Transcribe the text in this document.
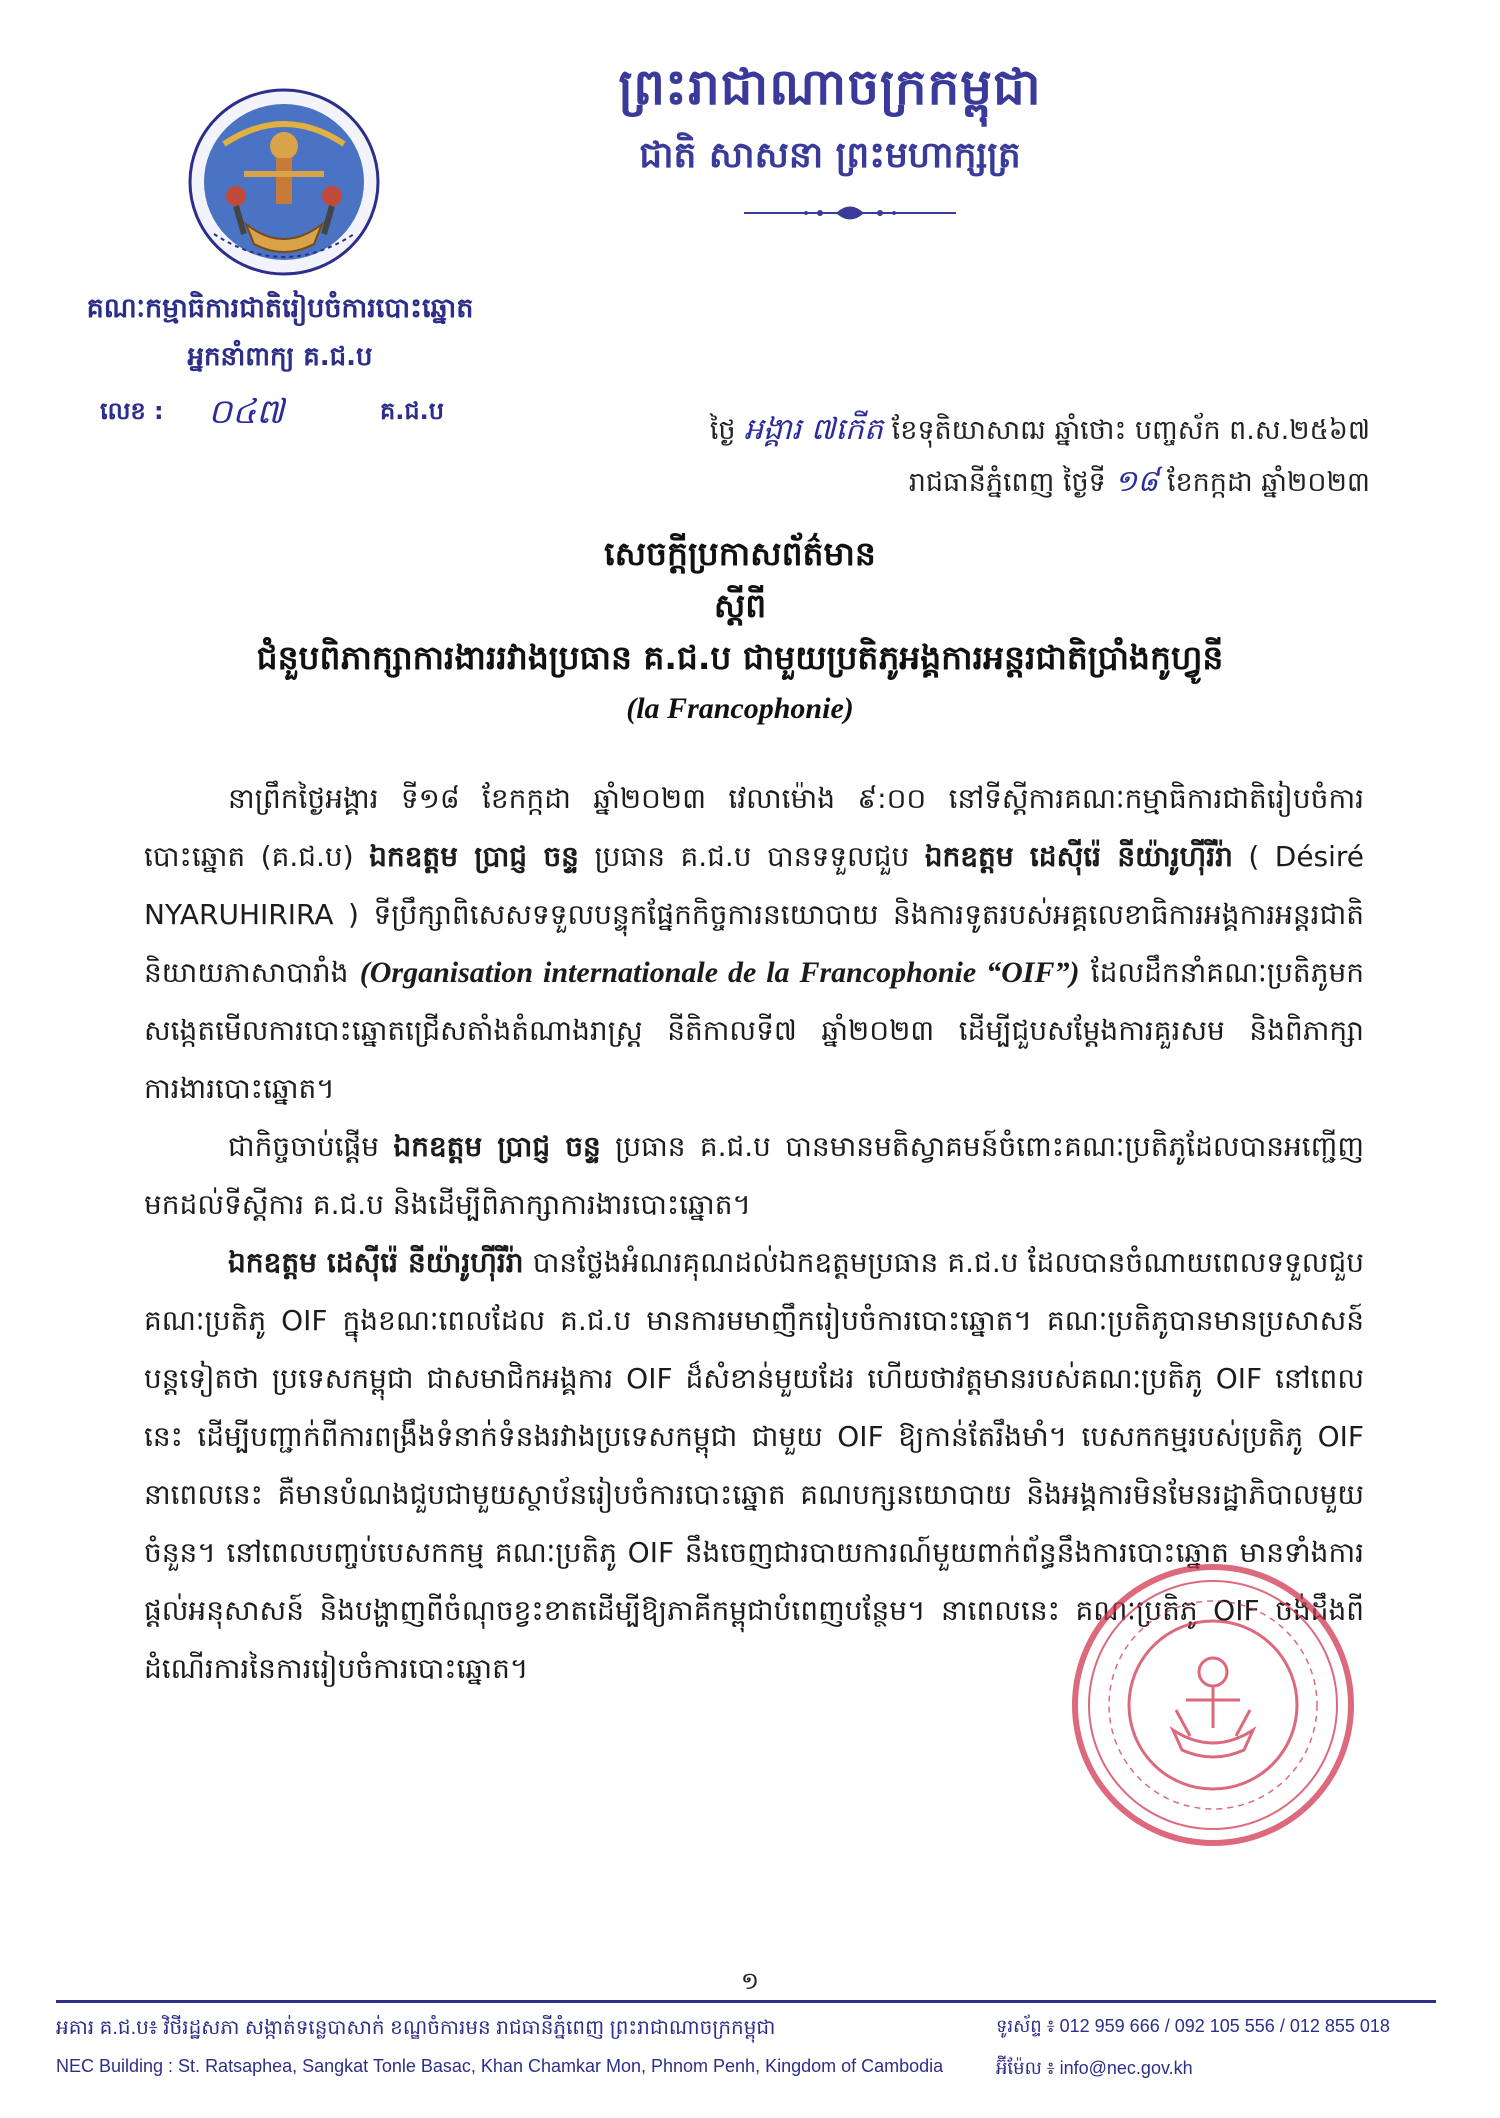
គណៈកម្មាធិការជាតិរៀបចំការបោះឆ្នោត
អ្នកនាំពាក្យ គ.ជ.ប
លេខ : ០៤៧	គ.ជ.ប
ព្រះរាជាណាចក្រកម្ពុជា
ជាតិ សាសនា ព្រះមហាក្សត្រ
ថ្ងៃ អង្គារ ៧កើត ខែទុតិយាសាឍ ឆ្នាំថោះ បញ្ចស័ក ព.ស.២៥៦៧
រាជធានីភ្នំពេញ ថ្ងៃទី ១៨ ខែកក្កដា ឆ្នាំ២០២៣
សេចក្តីប្រកាសព័ត៌មាន
ស្តីពី
ជំនួបពិភាក្សាការងាររវាងប្រធាន គ.ជ.ប ជាមួយប្រតិភូអង្គការអន្តរជាតិប្រាំងកូហ្វូនី
(la Francophonie)

នាព្រឹកថ្ងៃអង្គារ ទី១៨ ខែកក្កដា ឆ្នាំ២០២៣ វេលាម៉ោង ៩:០០ នៅទីស្តីការគណៈកម្មាធិការជាតិរៀបចំការបោះឆ្នោត (គ.ជ.ប) ឯកឧត្តម ប្រាជ្ញ ចន្ទ ប្រធាន គ.ជ.ប បានទទួលជួប ឯកឧត្តម ដេស៊ីរ៉េ នីយ៉ារូហ៊ីរីរ៉ា ( Désiré NYARUHIRIRA ) ទីប្រឹក្សាពិសេសទទួលបន្ទុកផ្នែកកិច្ចការនយោបាយ និងការទូតរបស់អគ្គលេខាធិការអង្គការអន្តរជាតិនិយាយភាសាបារាំង (Organisation internationale de la Francophonie “OIF”) ដែលដឹកនាំគណៈប្រតិភូមកសង្កេតមើលការបោះឆ្នោតជ្រើសតាំងតំណាងរាស្ត្រ នីតិកាលទី៧ ឆ្នាំ២០២៣ ដើម្បីជួបសម្តែងការគួរសម និងពិភាក្សាការងារបោះឆ្នោត។

ជាកិច្ចចាប់ផ្តើម ឯកឧត្តម ប្រាជ្ញ ចន្ទ ប្រធាន គ.ជ.ប បានមានមតិស្វាគមន៍ចំពោះគណៈប្រតិភូដែលបានអញ្ជើញមកដល់ទីស្តីការ គ.ជ.ប និងដើម្បីពិភាក្សាការងារបោះឆ្នោត។

ឯកឧត្តម ដេស៊ីរ៉េ នីយ៉ារូហ៊ីរីរ៉ា បានថ្លែងអំណរគុណដល់ឯកឧត្តមប្រធាន គ.ជ.ប ដែលបានចំណាយពេលទទួលជួបគណៈប្រតិភូ OIF ក្នុងខណៈពេលដែល គ.ជ.ប មានការមមាញឹករៀបចំការបោះឆ្នោត។ គណៈប្រតិភូបានមានប្រសាសន៍បន្តទៀតថា ប្រទេសកម្ពុជា ជាសមាជិកអង្គការ OIF ដ៏សំខាន់មួយដែរ ហើយថាវត្តមានរបស់គណៈប្រតិភូ OIF នៅពេលនេះ ដើម្បីបញ្ជាក់ពីការពង្រឹងទំនាក់ទំនងរវាងប្រទេសកម្ពុជា ជាមួយ OIF ឱ្យកាន់តែរឹងមាំ។ បេសកកម្មរបស់ប្រតិភូ OIF នាពេលនេះ គឺមានបំណងជួបជាមួយស្ថាប័នរៀបចំការបោះឆ្នោត គណបក្សនយោបាយ និងអង្គការមិនមែនរដ្ឋាភិបាលមួយចំនួន។ នៅពេលបញ្ចប់បេសកកម្ម គណៈប្រតិភូ OIF នឹងចេញជារបាយការណ៍មួយពាក់ព័ន្ធនឹងការបោះឆ្នោត មានទាំងការផ្តល់អនុសាសន៍ និងបង្ហាញពីចំណុចខ្វះខាតដើម្បីឱ្យភាគីកម្ពុជាបំពេញបន្ថែម។ នាពេលនេះ គណៈប្រតិភូ OIF ចង់ដឹងពីដំណើរការនៃការរៀបចំការបោះឆ្នោត។

១
អគារ គ.ជ.ប៖ វិថីរដ្ឋសភា សង្កាត់ទន្លេបាសាក់ ខណ្ឌចំការមន រាជធានីភ្នំពេញ ព្រះរាជាណាចក្រកម្ពុជា
NEC Building : St. Ratsaphea, Sangkat Tonle Basac, Khan Chamkar Mon, Phnom Penh, Kingdom of Cambodia
ទូរស័ព្ទ ៖ 012 959 666 / 092 105 556 / 012 855 018
អ៊ីម៉ែល ៖ info@nec.gov.kh
